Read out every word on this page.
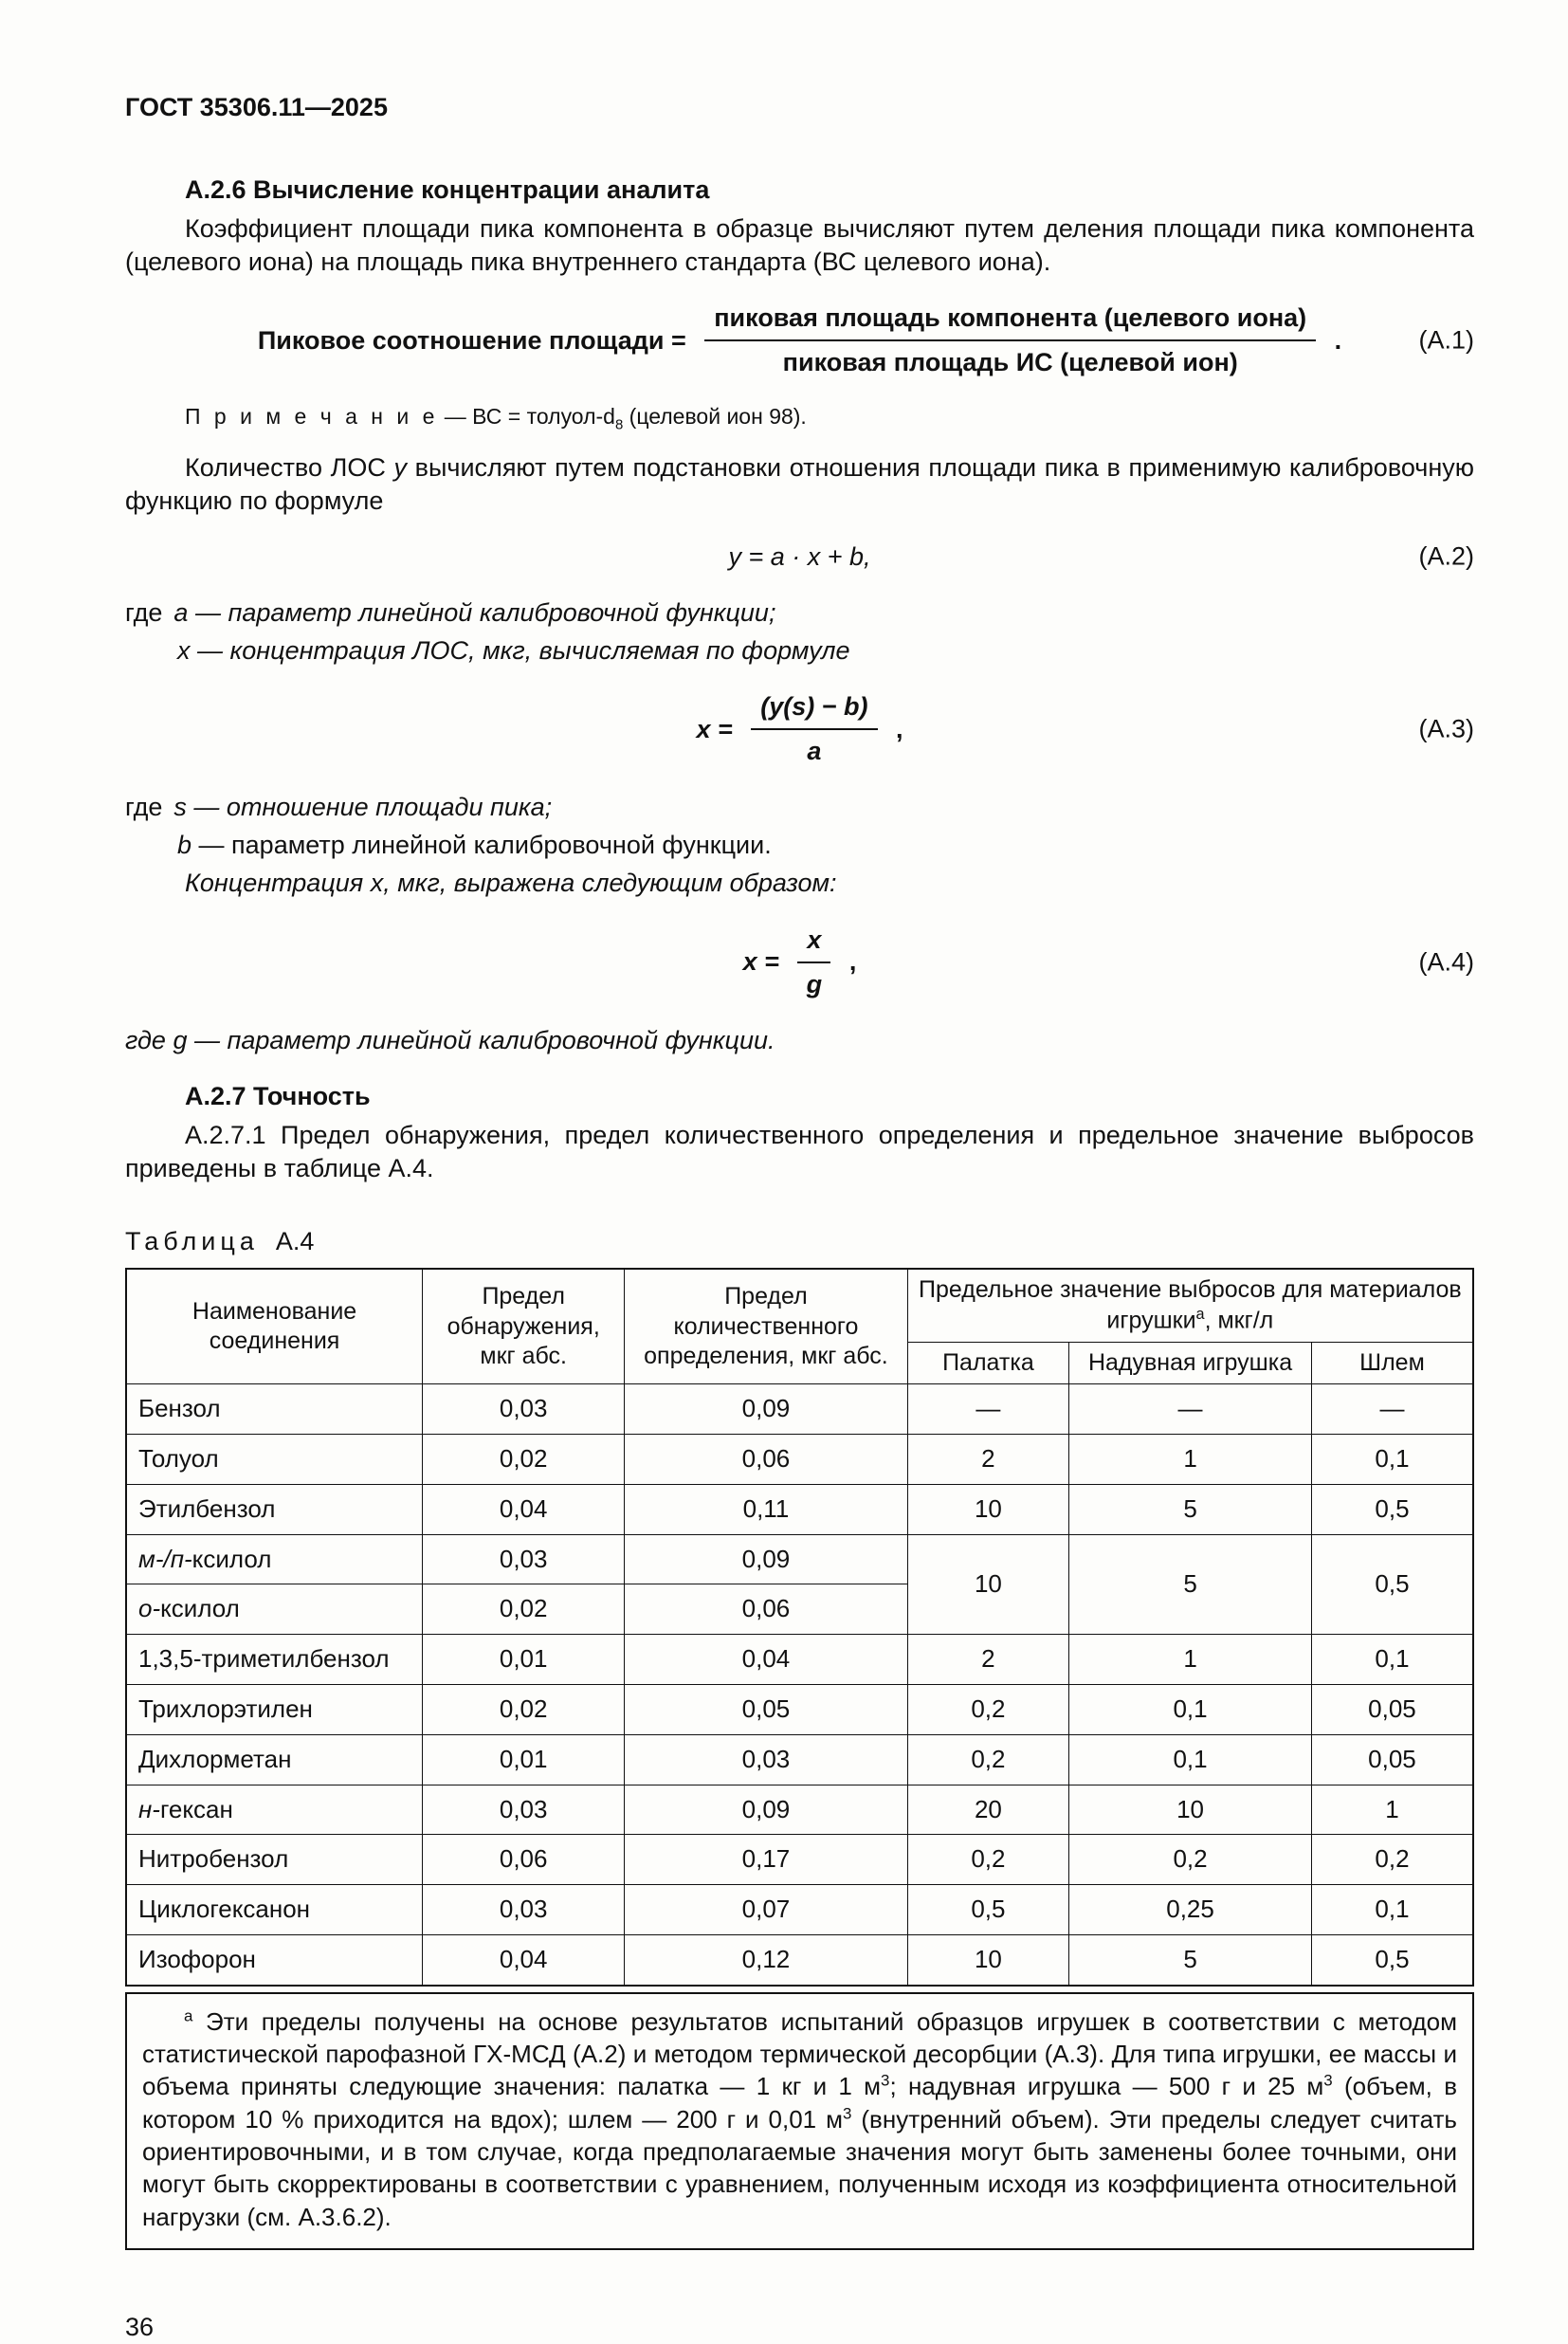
ГОСТ 35306.11—2025
А.2.6 Вычисление концентрации аналита

Коэффициент площади пика компонента в образце вычисляют путем деления площади пика компонента (целевого иона) на площадь пика внутреннего стандарта (ВС целевого иона).

Пиковое соотношение площади = $\frac{\text{пиковая площадь компонента (целевого иона)}}{\text{пиковая площадь ИС (целевой ион)}}$ .	(А.1)

П р и м е ч а н и е — ВС = толуол-$d_8$ (целевой ион 98).

Количество ЛОС y вычисляют путем подстановки отношения площади пика в применимую калибровочную функцию по формуле

y = a · x + b,	(А.2)
где a — параметр линейной калибровочной функции;
x — концентрация ЛОС, мкг, вычисляемая по формуле
$x = \frac{(y(s) - b)}{a}$ ,	(А.3)
где s — отношение площади пика;
b — параметр линейной калибровочной функции.

Концентрация x, мкг, выражена следующим образом:

$x = \frac{x}{g}$ ,	(А.4)
где g — параметр линейной калибровочной функции.
А.2.7 Точность

А.2.7.1 Предел обнаружения, предел количественного определения и предельное значение выбросов приведены в таблице А.4.

Таблица А.4

Наименование соединения	Предел обнаружения, мкг абс.	Предел количественного определения, мкг абс.	Предельное значение выбросов для материалов игрушки$^а$, мкг/л		
			Палатка	Надувная игрушка	Шлем
Бензол	0,03	0,09	—	—	—
Толуол	0,02	0,06	2	1	0,1
Этилбензол	0,04	0,11	10	5	0,5
м-/п-ксилол	0,03	0,09	10	5	0,5
о-ксилол	0,02	0,06			
1,3,5-триметилбензол	0,01	0,04	2	1	0,1
Трихлорэтилен	0,02	0,05	0,2	0,1	0,05
Дихлорметан	0,01	0,03	0,2	0,1	0,05
н-гексан	0,03	0,09	20	10	1
Нитробензол	0,06	0,17	0,2	0,2	0,2
Циклогексанон	0,03	0,07	0,5	0,25	0,1
Изофорон	0,04	0,12	10	5	0,5

$^а$ Эти пределы получены на основе результатов испытаний образцов игрушек в соответствии с методом статистической парофазной ГХ-МСД (А.2) и методом термической десорбции (А.3). Для типа игрушки, ее массы и объема приняты следующие значения: палатка — 1 кг и 1 $м^3$; надувная игрушка — 500 г и 25 $м^3$ (объем, в котором 10 % приходится на вдох); шлем — 200 г и 0,01 $м^3$ (внутренний объем). Эти пределы следует считать ориентировочными, и в том случае, когда предполагаемые значения могут быть заменены более точными, они могут быть скорректированы в соответствии с уравнением, полученным исходя из коэффициента относительной нагрузки (см. А.3.6.2).

36
